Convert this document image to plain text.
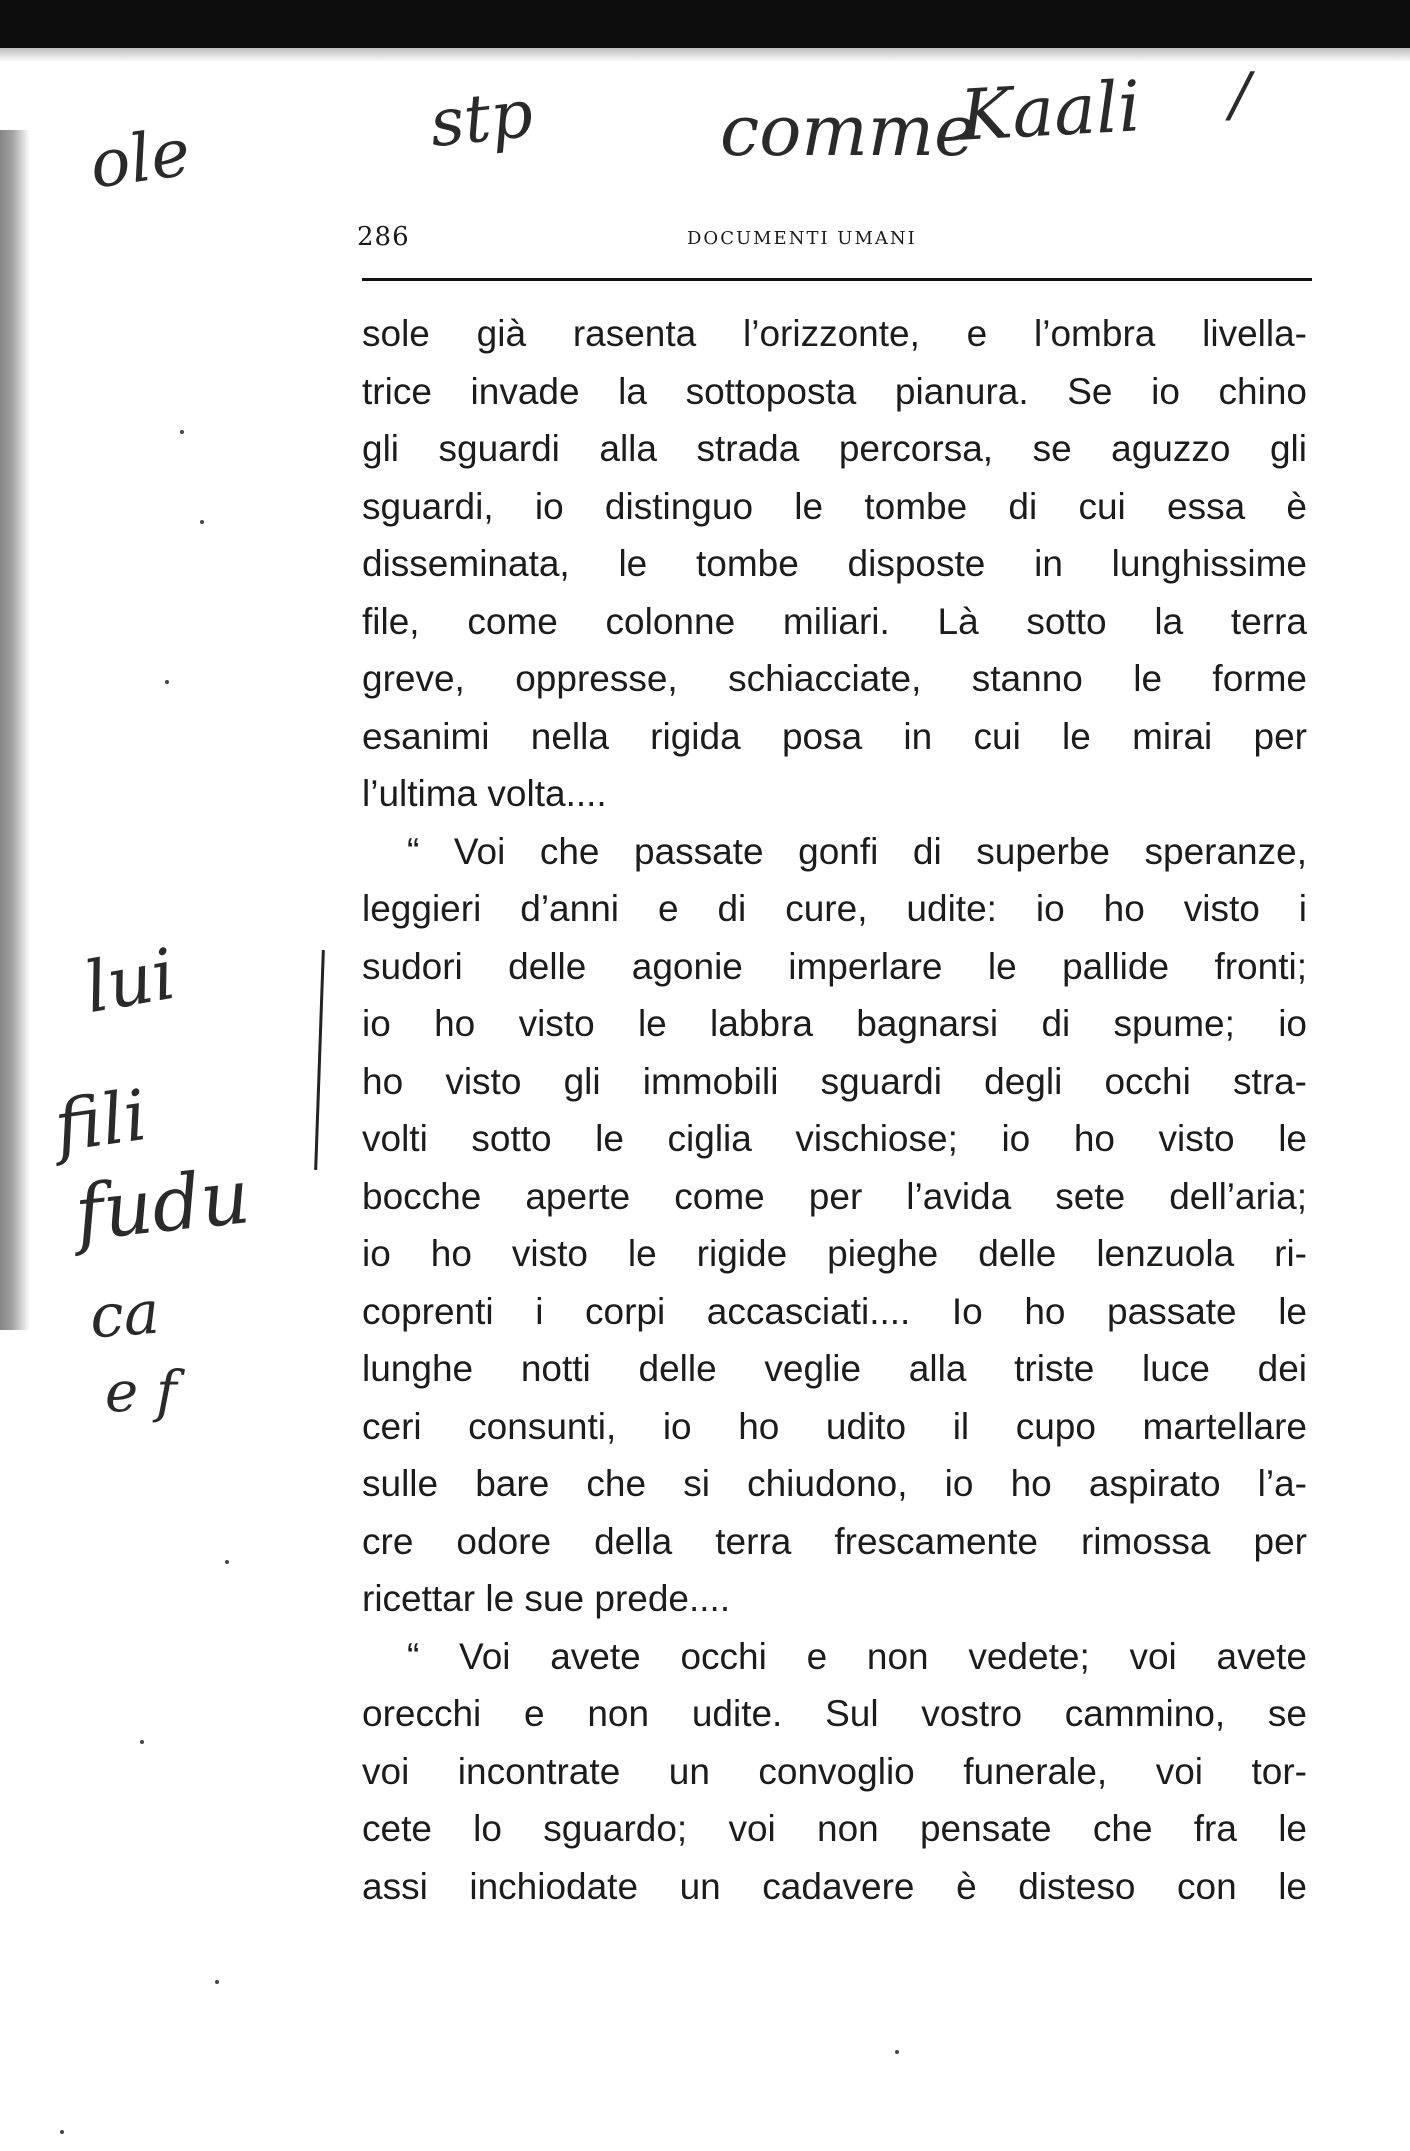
ole	stp	comme
Kaali /
lui
fili
fudu
ca
e f
286	DOCUMENTI UMANI
sole già rasenta l’orizzonte, e l’ombra livella-
trice invade la sottoposta pianura. Se io chino
gli sguardi alla strada percorsa, se aguzzo gli
sguardi, io distinguo le tombe di cui essa è
disseminata, le tombe disposte in lunghissime
file, come colonne miliari. Là sotto la terra
greve, oppresse, schiacciate, stanno le forme
esanimi nella rigida posa in cui le mirai per
l’ultima volta....
“ Voi che passate gonfi di superbe speranze,
leggieri d’anni e di cure, udite: io ho visto i
sudori delle agonie imperlare le pallide fronti;
io ho visto le labbra bagnarsi di spume; io
ho visto gli immobili sguardi degli occhi stra-
volti sotto le ciglia vischiose; io ho visto le
bocche aperte come per l’avida sete dell’aria;
io ho visto le rigide pieghe delle lenzuola ri-
coprenti i corpi accasciati.... Io ho passate le
lunghe notti delle veglie alla triste luce dei
ceri consunti, io ho udito il cupo martellare
sulle bare che si chiudono, io ho aspirato l’a-
cre odore della terra frescamente rimossa per
ricettar le sue prede....
“ Voi avete occhi e non vedete; voi avete
orecchi e non udite. Sul vostro cammino, se
voi incontrate un convoglio funerale, voi tor-
cete lo sguardo; voi non pensate che fra le
assi inchiodate un cadavere è disteso con le
